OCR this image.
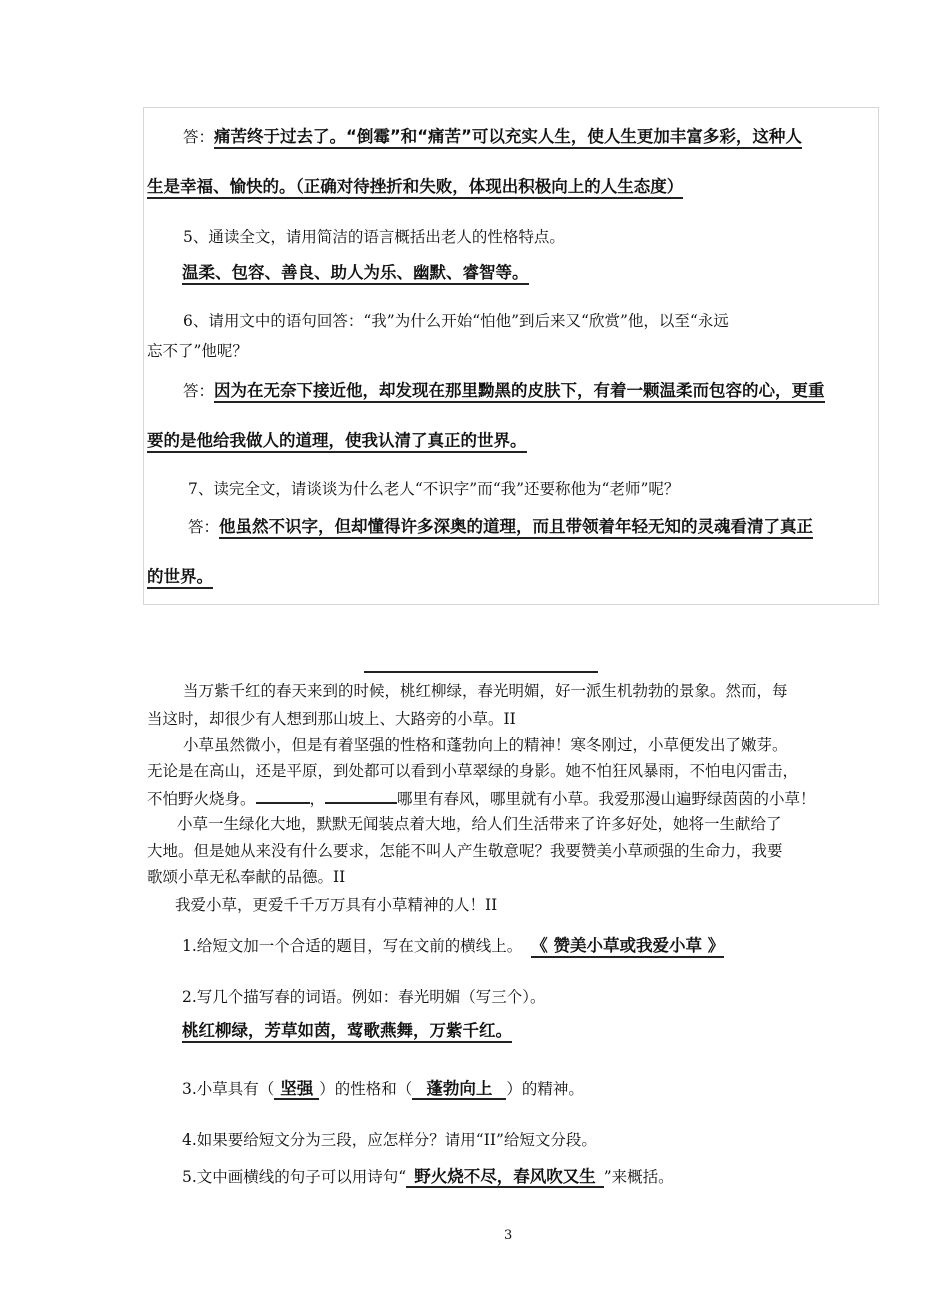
答：痛苦终于过去了。“倒霉”和“痛苦”可以充实人生，使人生更加丰富多彩，这种人
生是幸福、愉快的。（正确对待挫折和失败，体现出积极向上的人生态度）
5、通读全文，请用简洁的语言概括出老人的性格特点。
温柔、包容、善良、助人为乐、幽默、睿智等。
6、请用文中的语句回答：“我”为什么开始“怕他”到后来又“欣赏”他，以至“永远
忘不了”他呢？
答：因为在无奈下接近他，却发现在那里黝黑的皮肤下，有着一颗温柔而包容的心，更重
要的是他给我做人的道理，使我认清了真正的世界。
7、读完全文，请谈谈为什么老人“不识字”而“我”还要称他为“老师”呢？
答：他虽然不识字，但却懂得许多深奥的道理，而且带领着年轻无知的灵魂看清了真正
的世界。
当万紫千红的春天来到的时候，桃红柳绿，春光明媚，好一派生机勃勃的景象。然而，每
当这时，却很少有人想到那山坡上、大路旁的小草。II
小草虽然微小，但是有着坚强的性格和蓬勃向上的精神！寒冬刚过，小草便发出了嫩芽。
无论是在高山，还是平原，到处都可以看到小草翠绿的身影。她不怕狂风暴雨，不怕电闪雷击，
不怕野火烧身。	，	哪里有春风，哪里就有小草。我爱那漫山遍野绿茵茵的小草！
小草一生绿化大地，默默无闻装点着大地，给人们生活带来了许多好处，她将一生献给了
大地。但是她从来没有什么要求，怎能不叫人产生敬意呢？我要赞美小草顽强的生命力，我要
歌颂小草无私奉献的品德。II
我爱小草，更爱千千万万具有小草精神的人！II
1.给短文加一个合适的题目，写在文前的横线上。 《 赞美小草或我爱小草 》
2.写几个描写春的词语。例如：春光明媚（写三个）。
桃红柳绿，芳草如茵，莺歌燕舞，万紫千红。
3.小草具有（ 坚强 ）的性格和（ 蓬勃向上 ）的精神。
4.如果要给短文分为三段，应怎样分？请用“II”给短文分段。
5.文中画横线的句子可以用诗句“ 野火烧不尽，春风吹又生 ”来概括。
3
